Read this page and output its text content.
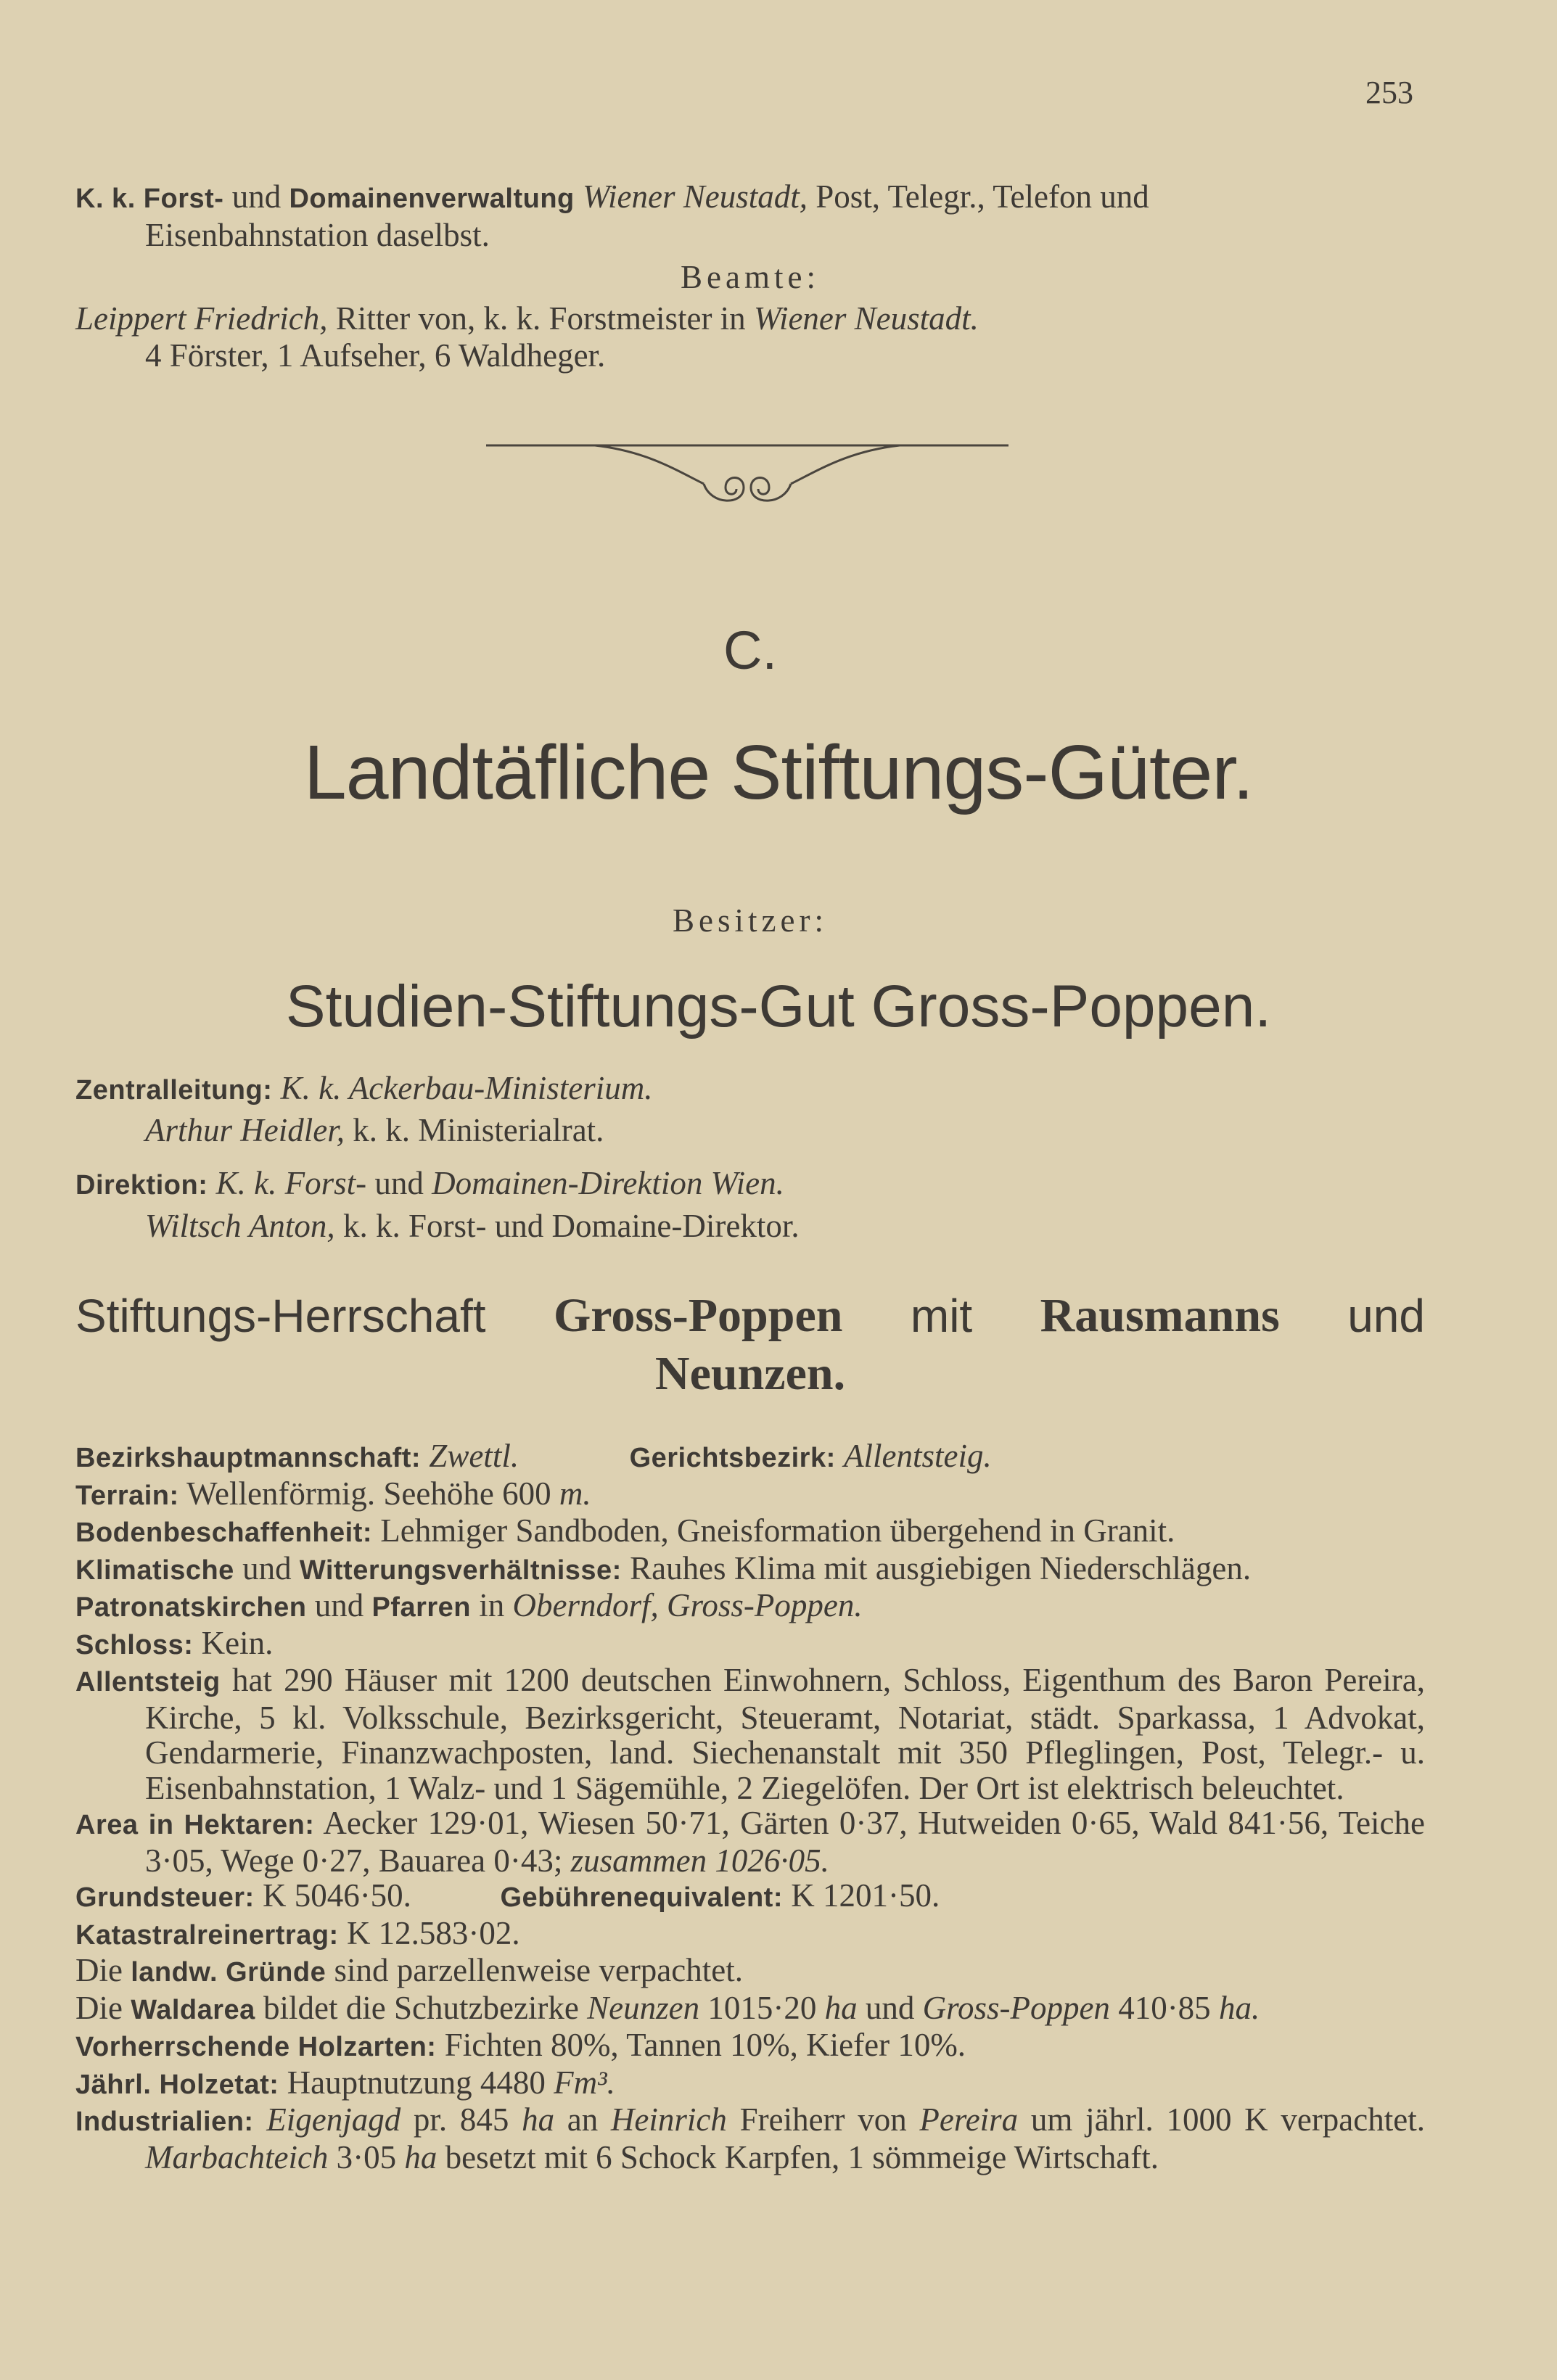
253

K. k. Forst- und Domainenverwaltung Wiener Neustadt, Post, Telegr., Telefon und
Eisenbahnstation daselbst.

Beamte:
Leippert Friedrich, Ritter von, k. k. Forstmeister in Wiener Neustadt.
4 Förster, 1 Aufseher, 6 Waldheger.
C.
Landtäfliche Stiftungs-Güter.
Besitzer:
Studien-Stiftungs-Gut Gross-Poppen.
Zentralleitung: K. k. Ackerbau-Ministerium.
Arthur Heidler, k. k. Ministerialrat.
Direktion: K. k. Forst- und Domainen-Direktion Wien.
Wiltsch Anton, k. k. Forst- und Domaine-Direktor.
Stiftungs-Herrschaft Gross-Poppen mit Rausmanns und
Neunzen.

Bezirkshauptmannschaft: Zwettl.	Gerichtsbezirk: Allentsteig.

Terrain: Wellenförmig. Seehöhe 600 m.

Bodenbeschaffenheit: Lehmiger Sandboden, Gneisformation übergehend in Granit.

Klimatische und Witterungsverhältnisse: Rauhes Klima mit ausgiebigen Niederschlägen.

Patronatskirchen und Pfarren in Oberndorf, Gross-Poppen.

Schloss: Kein.

Allentsteig hat 290 Häuser mit 1200 deutschen Einwohnern, Schloss, Eigenthum des Baron Pereira, Kirche, 5 kl. Volksschule, Bezirksgericht, Steueramt, Notariat, städt. Sparkassa, 1 Advokat, Gendarmerie, Finanzwachposten, land. Siechenanstalt mit 350 Pfleglingen, Post, Telegr.- u. Eisenbahnstation, 1 Walz- und 1 Sägemühle, 2 Ziegelöfen. Der Ort ist elektrisch beleuchtet.

Area in Hektaren: Aecker 129·01, Wiesen 50·71, Gärten 0·37, Hutweiden 0·65, Wald 841·56, Teiche 3·05, Wege 0·27, Bauarea 0·43; zusammen 1026·05.

Grundsteuer: K 5046·50.	Gebührenequivalent: K 1201·50.

Katastralreinertrag: K 12.583·02.

Die landw. Gründe sind parzellenweise verpachtet.

Die Waldarea bildet die Schutzbezirke Neunzen 1015·20 ha und Gross-Poppen 410·85 ha.

Vorherrschende Holzarten: Fichten 80%, Tannen 10%, Kiefer 10%.

Jährl. Holzetat: Hauptnutzung 4480 Fm³.

Industrialien: Eigenjagd pr. 845 ha an Heinrich Freiherr von Pereira um jährl. 1000 K verpachtet. Marbachteich 3·05 ha besetzt mit 6 Schock Karpfen, 1 sömmeige Wirtschaft.
